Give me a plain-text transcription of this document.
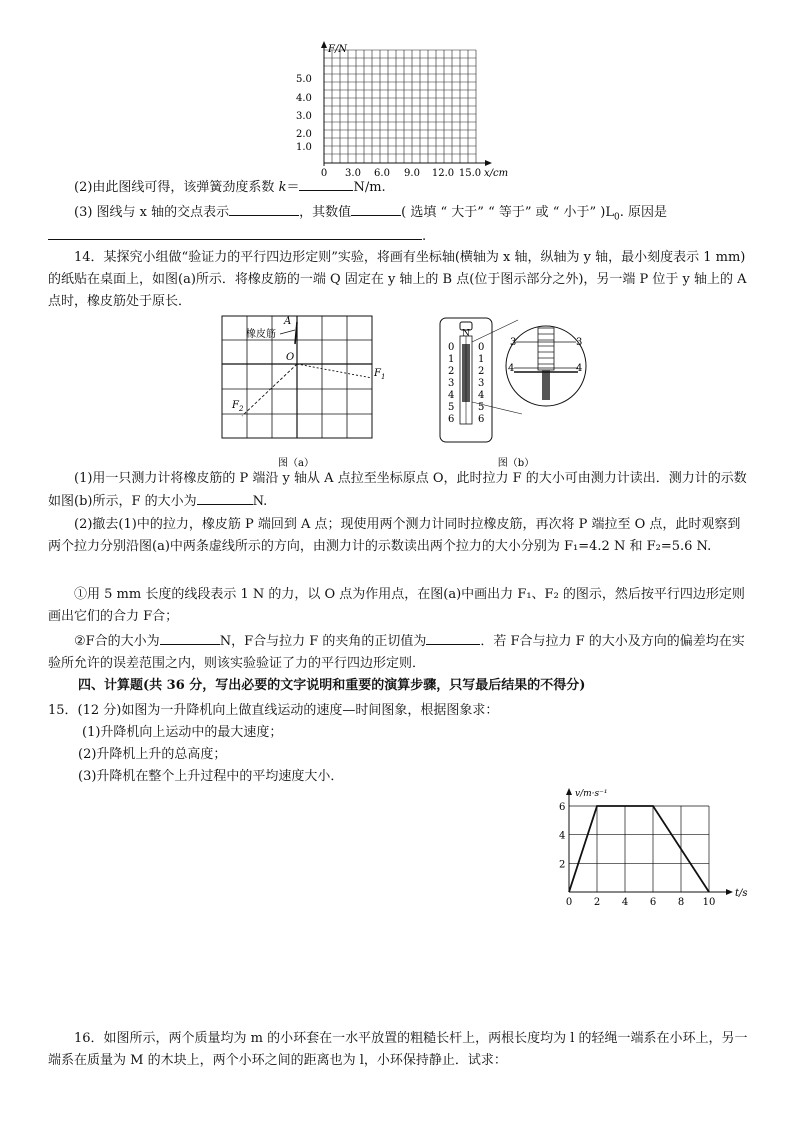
F/N
5.0
4.0
3.0
2.0
1.0
0 3.0 6.0 9.0 12.0 15.0 x/cm
(2)由此图线可得，该弹簧劲度系数 k＝	N/m.
(3) 图线与 x 轴的交点表示	，其数值	( 选填 “ 大于” “ 等于” 或 “ 小于” )$L_0$. 原因是
.
14．某探究小组做“验证力的平行四边形定则”实验，将画有坐标轴(横轴为 x 轴，纵轴为 y 轴，最小刻度表示 1 mm)的纸贴在桌面上，如图(a)所示．将橡皮筋的一端 Q 固定在 y 轴上的 B 点(位于图示部分之外)，另一端 P 位于 y 轴上的 A 点时，橡皮筋处于原长．
A
橡皮筋
O
$F_1$
$F_2$
图（a）
N
0
1
2
3
4
5
6
0
1
2
3
4
5
6
3
4
3
4
图（b）
(1)用一只测力计将橡皮筋的 P 端沿 y 轴从 A 点拉至坐标原点 O，此时拉力 F 的大小可由测力计读出．测力计的示数如图(b)所示，F 的大小为	N.
(2)撤去(1)中的拉力，橡皮筋 P 端回到 A 点；现使用两个测力计同时拉橡皮筋，再次将 P 端拉至 O 点，此时观察到两个拉力分别沿图(a)中两条虚线所示的方向，由测力计的示数读出两个拉力的大小分别为 F₁=4.2 N 和 F₂=5.6 N.
①用 5 mm 长度的线段表示 1 N 的力，以 O 点为作用点，在图(a)中画出力 F₁、F₂ 的图示，然后按平行四边形定则画出它们的合力 F合；
②F合的大小为	N，F合与拉力 F 的夹角的正切值为	．若 F合与拉力 F 的大小及方向的偏差均在实验所允许的误差范围之内，则该实验验证了力的平行四边形定则．
四、计算题(共 36 分，写出必要的文字说明和重要的演算步骤，只写最后结果的不得分)
15．(12 分)如图为一升降机向上做直线运动的速度—时间图象，根据图象求：
(1)升降机向上运动中的最大速度；
(2)升降机上升的总高度；
(3)升降机在整个上升过程中的平均速度大小．
v/m·s⁻¹
t/s
0 2 4 6 8 10
2
4
6
16．如图所示，两个质量均为 m 的小环套在一水平放置的粗糙长杆上，两根长度均为 l 的轻绳一端系在小环上，另一端系在质量为 M 的木块上，两个小环之间的距离也为 l，小环保持静止．试求：
